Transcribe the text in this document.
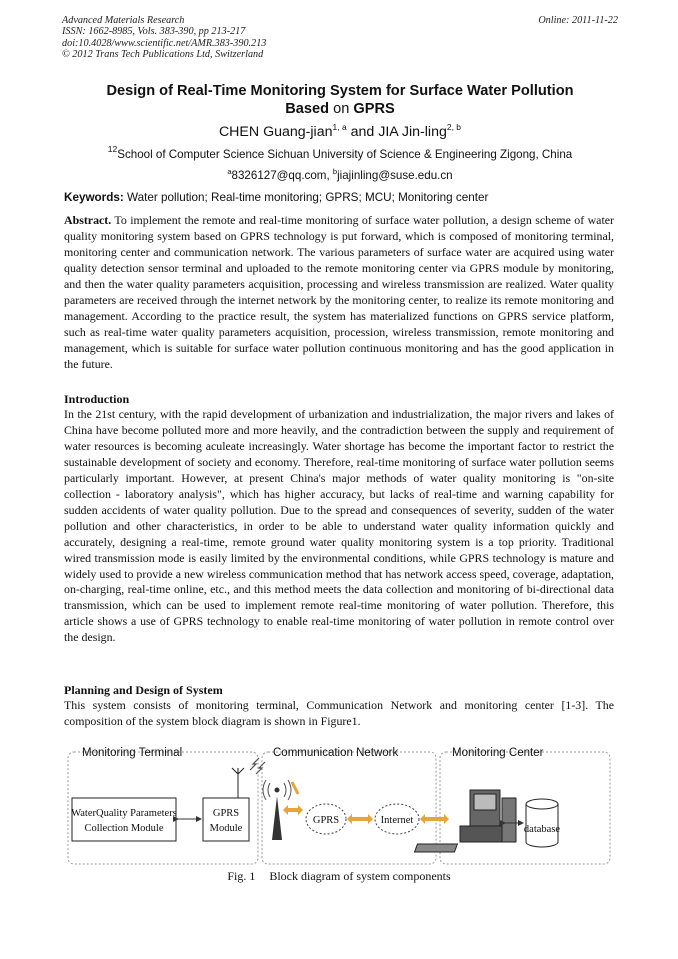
Advanced Materials Research
ISSN: 1662-8985, Vols. 383-390, pp 213-217
doi:10.4028/www.scientific.net/AMR.383-390.213
© 2012 Trans Tech Publications Ltd, Switzerland
Online: 2011-11-22
Design of Real-Time Monitoring System for Surface Water Pollution
Based on GPRS
CHEN Guang-jian$^{1, a}$ and JIA Jin-ling$^{2, b}$
$^{12}$School of Computer Science Sichuan University of Science & Engineering Zigong, China
$^a$8326127@qq.com, $^b$jiajinling@suse.edu.cn
Keywords: Water pollution; Real-time monitoring; GPRS; MCU; Monitoring center
Abstract. To implement the remote and real-time monitoring of surface water pollution, a design scheme of water quality monitoring system based on GPRS technology is put forward, which is composed of monitoring terminal, monitoring center and communication network. The various parameters of surface water are acquired using water quality detection sensor terminal and uploaded to the remote monitoring center via GPRS module by monitoring, and then the water quality parameters acquisition, processing and wireless transmission are realized. Water quality parameters are received through the internet network by the monitoring center, to realize its remote monitoring and management. According to the practice result, the system has materialized functions on GPRS service platform, such as real-time water quality parameters acquisition, procession, wireless transmission, remote monitoring and management, which is suitable for surface water pollution continuous monitoring and has the good application in the future.
Introduction
In the 21st century, with the rapid development of urbanization and industrialization, the major rivers and lakes of China have become polluted more and more heavily, and the contradiction between the supply and requirement of water resources is becoming aculeate increasingly. Water shortage has become the important factor to restrict the sustainable development of society and economy. Therefore, real-time monitoring of surface water pollution seems particularly important. However, at present China's major methods of water quality monitoring is "on-site collection - laboratory analysis", which has higher accuracy, but lacks of real-time and warning capability for sudden accidents of water quality pollution. Due to the spread and consequences of severity, sudden of the water pollution and other characteristics, in order to be able to understand water quality information quickly and accurately, designing a real-time, remote ground water quality monitoring system is a top priority. Traditional wired transmission mode is easily limited by the environmental conditions, while GPRS technology is mature and widely used to provide a new wireless communication method that has network access speed, coverage, adaptation, on-charging, real-time online, etc., and this method meets the data collection and monitoring of bi-directional data transmission, which can be used to implement remote real-time monitoring of water pollution. Therefore, this article shows a use of GPRS technology to enable real-time monitoring of water pollution in remote control over the design.
Planning and Design of System
This system consists of monitoring terminal, Communication Network and monitoring center [1-3]. The composition of the system block diagram is shown in Figure1.
Monitoring Terminal	Communication Network	Monitoring Center
WaterQuality Parameters
Collection Module
GPRS
Module
GPRS	Internet
database
Fig. 1 Block diagram of system components
